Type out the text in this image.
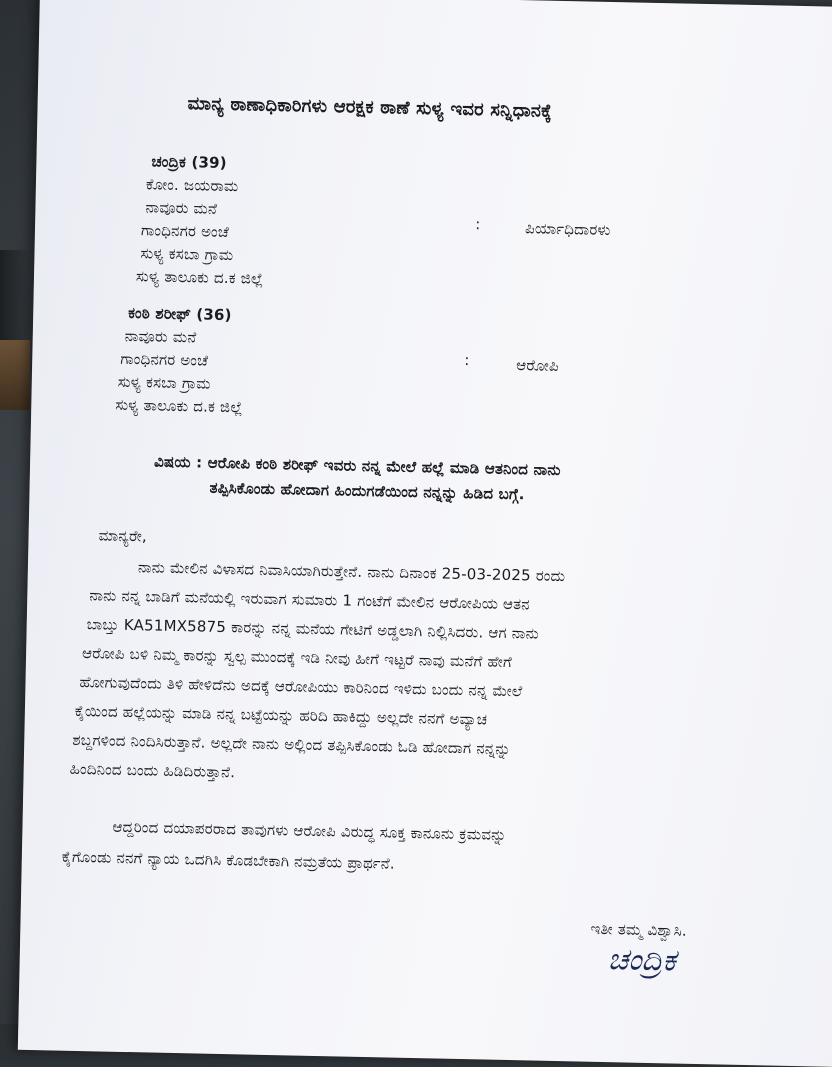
ಮಾನ್ಯ ಠಾಣಾಧಿಕಾರಿಗಳು ಆರಕ್ಷಕ ಠಾಣೆ ಸುಳ್ಯ ಇವರ ಸನ್ನಿಧಾನಕ್ಕೆ
ಚಂದ್ರಿಕ (39)
ಕೋಂ. ಜಯರಾಮ
ನಾವೂರು ಮನೆ
ಗಾಂಧಿನಗರ ಅಂಚೆ
ಸುಳ್ಯ ಕಸಬಾ ಗ್ರಾಮ
ಸುಳ್ಯ ತಾಲೂಕು ದ.ಕ ಜಿಲ್ಲೆ
:	ಪಿರ್ಯಾಧಿದಾರಳು
ಕಂಠಿ ಶರೀಫ್ (36)
ನಾವೂರು ಮನೆ
ಗಾಂಧಿನಗರ ಅಂಚೆ
ಸುಳ್ಯ ಕಸಬಾ ಗ್ರಾಮ
ಸುಳ್ಯ ತಾಲೂಕು ದ.ಕ ಜಿಲ್ಲೆ
:	ಆರೋಪಿ
ವಿಷಯ : ಆರೋಪಿ ಕಂಠಿ ಶರೀಫ್ ಇವರು ನನ್ನ ಮೇಲೆ ಹಲ್ಲೆ ಮಾಡಿ ಆತನಿಂದ ನಾನು
ತಪ್ಪಿಸಿಕೊಂಡು ಹೋದಾಗ ಹಿಂದುಗಡೆಯಿಂದ ನನ್ನನ್ನು ಹಿಡಿದ ಬಗ್ಗೆ.
ಮಾನ್ಯರೇ,
ನಾನು ಮೇಲಿನ ವಿಳಾಸದ ನಿವಾಸಿಯಾಗಿರುತ್ತೇನೆ. ನಾನು ದಿನಾಂಕ 25-03-2025 ರಂದು
ನಾನು ನನ್ನ ಬಾಡಿಗೆ ಮನೆಯಲ್ಲಿ ಇರುವಾಗ ಸುಮಾರು 1 ಗಂಟೆಗೆ ಮೇಲಿನ ಆರೋಪಿಯ ಆತನ
ಬಾಬ್ತು KA51MX5875 ಕಾರನ್ನು ನನ್ನ ಮನೆಯ ಗೇಟಿಗೆ ಅಡ್ಡಲಾಗಿ ನಿಲ್ಲಿಸಿದರು. ಆಗ ನಾನು
ಆರೋಪಿ ಬಳಿ ನಿಮ್ಮ ಕಾರನ್ನು ಸ್ವಲ್ಪ ಮುಂದಕ್ಕೆ ಇಡಿ ನೀವು ಹೀಗೆ ಇಟ್ಟರೆ ನಾವು ಮನೆಗೆ ಹೇಗೆ
ಹೋಗುವುದೆಂದು ತಿಳಿ ಹೇಳಿದೆನು ಅದಕ್ಕೆ ಆರೋಪಿಯು ಕಾರಿನಿಂದ ಇಳಿದು ಬಂದು ನನ್ನ ಮೇಲೆ
ಕೈಯಿಂದ ಹಲ್ಲೆಯನ್ನು ಮಾಡಿ ನನ್ನ ಬಟ್ಟೆಯನ್ನು ಹರಿದಿ ಹಾಕಿದ್ದು ಅಲ್ಲದೇ ನನಗೆ ಅವ್ಯಾಚ
ಶಬ್ದಗಳಿಂದ ನಿಂದಿಸಿರುತ್ತಾನೆ. ಅಲ್ಲದೇ ನಾನು ಅಲ್ಲಿಂದ ತಪ್ಪಿಸಿಕೊಂಡು ಓಡಿ ಹೋದಾಗ ನನ್ನನ್ನು
ಹಿಂದಿನಿಂದ ಬಂದು ಹಿಡಿದಿರುತ್ತಾನೆ.
ಆದ್ದರಿಂದ ದಯಾಪರರಾದ ತಾವುಗಳು ಆರೋಪಿ ವಿರುದ್ಧ ಸೂಕ್ತ ಕಾನೂನು ಕ್ರಮವನ್ನು
ಕೈಗೊಂಡು ನನಗೆ ನ್ಯಾಯ ಒದಗಿಸಿ ಕೊಡಬೇಕಾಗಿ ನಮ್ರತೆಯ ಪ್ರಾರ್ಥನೆ.
ಇತೀ ತಮ್ಮ ವಿಶ್ವಾಸಿ.
ಚಂದ್ರಿಕ
